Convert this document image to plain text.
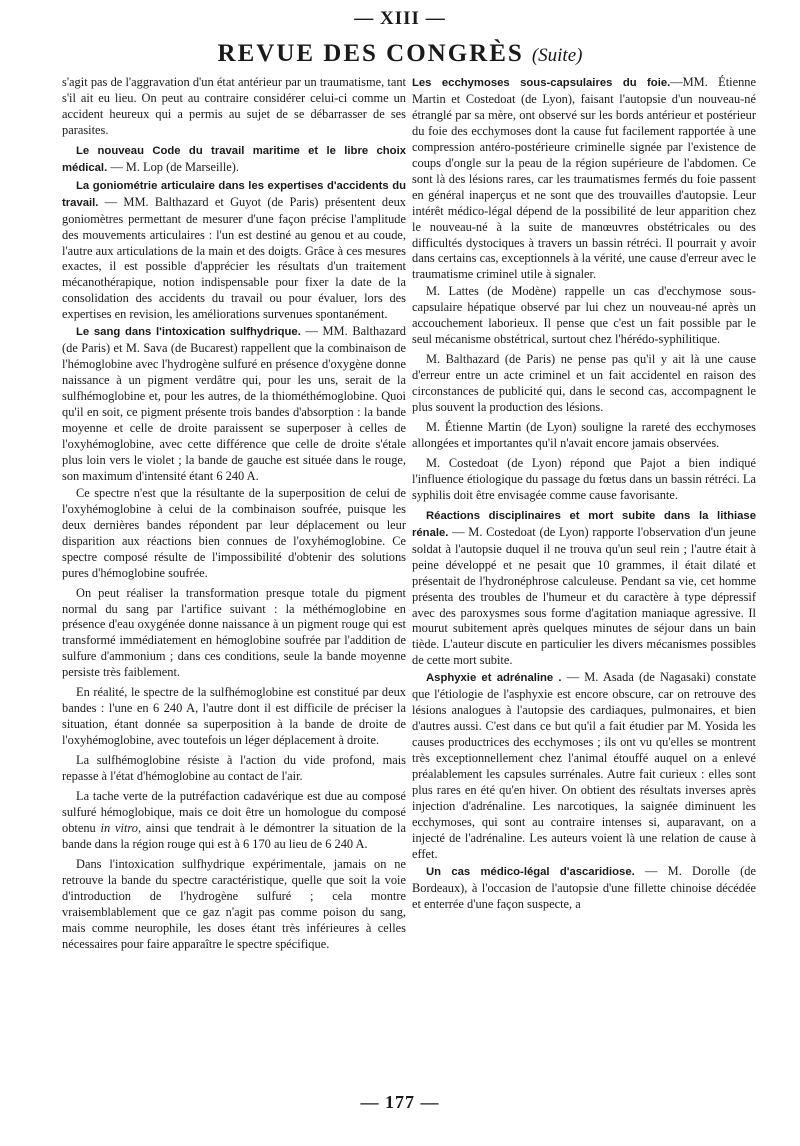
— XIII —
REVUE DES CONGRÈS (Suite)

s'agit pas de l'aggravation d'un état antérieur par un traumatisme, tant s'il ait eu lieu. On peut au contraire considérer celui-ci comme un accident heureux qui a permis au sujet de se débarrasser de ses parasites.

Le nouveau Code du travail maritime et le libre choix médical. — M. Lop (de Marseille).

La goniométrie articulaire dans les expertises d'accidents du travail. — MM. Balthazard et Guyot (de Paris) présentent deux goniomètres permettant de mesurer d'une façon précise l'amplitude des mouvements articulaires : l'un est destiné au genou et au coude, l'autre aux articulations de la main et des doigts. Grâce à ces mesures exactes, il est possible d'apprécier les résultats d'un traitement mécanothérapique, notion indispensable pour fixer la date de la consolidation des accidents du travail ou pour évaluer, lors des expertises en revision, les améliorations survenues spontanément.

Le sang dans l'intoxication sulfhydrique. — MM. Balthazard (de Paris) et M. Sava (de Bucarest) rappellent que la combinaison de l'hémoglobine avec l'hydrogène sulfuré en présence d'oxygène donne naissance à un pigment verdâtre qui, pour les uns, serait de la sulfhémoglobine et, pour les autres, de la thiométhémoglobine. Quoi qu'il en soit, ce pigment présente trois bandes d'absorption : la bande moyenne et celle de droite paraissent se superposer à celles de l'oxyhémoglobine, avec cette différence que celle de droite s'étale plus loin vers le violet ; la bande de gauche est située dans le rouge, son maximum d'intensité étant 6 240 A.

Ce spectre n'est que la résultante de la superposition de celui de l'oxyhémoglobine à celui de la combinaison soufrée, puisque les deux dernières bandes répondent par leur déplacement ou leur disparition aux réactions bien connues de l'oxyhémoglobine. Ce spectre composé résulte de l'impossibilité d'obtenir des solutions pures d'hémoglobine soufrée.

On peut réaliser la transformation presque totale du pigment normal du sang par l'artifice suivant : la méthémoglobine en présence d'eau oxygénée donne naissance à un pigment rouge qui est transformé immédiatement en hémoglobine soufrée par l'addition de sulfure d'ammonium ; dans ces conditions, seule la bande moyenne persiste très faiblement.

En réalité, le spectre de la sulfhémoglobine est constitué par deux bandes : l'une en 6 240 A, l'autre dont il est difficile de préciser la situation, étant donnée sa superposition à la bande de droite de l'oxyhémoglobine, avec toutefois un léger déplacement à droite.

La sulfhémoglobine résiste à l'action du vide profond, mais repasse à l'état d'hémoglobine au contact de l'air.

La tache verte de la putréfaction cadavérique est due au composé sulfuré hémoglobique, mais ce doit être un homologue du composé obtenu in vitro, ainsi que tendrait à le démontrer la situation de la bande dans la région rouge qui est à 6 170 au lieu de 6 240 A.

Dans l'intoxication sulfhydrique expérimentale, jamais on ne retrouve la bande du spectre caractéristique, quelle que soit la voie d'introduction de l'hydrogène sulfuré ; cela montre vraisemblablement que ce gaz n'agit pas comme poison du sang, mais comme neurophile, les doses étant très inférieures à celles nécessaires pour faire apparaître le spectre spécifique.

Les ecchymoses sous-capsulaires du foie.—MM. Étienne Martin et Costedoat (de Lyon), faisant l'autopsie d'un nouveau-né étranglé par sa mère, ont observé sur les bords antérieur et postérieur du foie des ecchymoses dont la cause fut facilement rapportée à une compression antéro-postérieure criminelle signée par l'existence de coups d'ongle sur la peau de la région supérieure de l'abdomen. Ce sont là des lésions rares, car les traumatismes fermés du foie passent en général inaperçus et ne sont que des trouvailles d'autopsie. Leur intérêt médico-légal dépend de la possibilité de leur apparition chez le nouveau-né à la suite de manœuvres obstétricales ou des difficultés dystociques à travers un bassin rétréci. Il pourrait y avoir dans certains cas, exceptionnels à la vérité, une cause d'erreur avec le traumatisme criminel utile à signaler.

M. Lattes (de Modène) rappelle un cas d'ecchymose sous-capsulaire hépatique observé par lui chez un nouveau-né après un accouchement laborieux. Il pense que c'est un fait possible par le seul mécanisme obstétrical, surtout chez l'hérédo-syphilitique.

M. Balthazard (de Paris) ne pense pas qu'il y ait là une cause d'erreur entre un acte criminel et un fait accidentel en raison des circonstances de publicité qui, dans le second cas, accompagnent le plus souvent la production des lésions.

M. Étienne Martin (de Lyon) souligne la rareté des ecchymoses allongées et importantes qu'il n'avait encore jamais observées.

M. Costedoat (de Lyon) répond que Pajot a bien indiqué l'influence étiologique du passage du fœtus dans un bassin rétréci. La syphilis doit être envisagée comme cause favorisante.

Réactions disciplinaires et mort subite dans la lithiase rénale. — M. Costedoat (de Lyon) rapporte l'observation d'un jeune soldat à l'autopsie duquel il ne trouva qu'un seul rein ; l'autre était à peine développé et ne pesait que 10 grammes, il était dilaté et présentait de l'hydronéphrose calculeuse. Pendant sa vie, cet homme présenta des troubles de l'humeur et du caractère à type dépressif avec des paroxysmes sous forme d'agitation maniaque agressive. Il mourut subitement après quelques minutes de séjour dans un bain tiède. L'auteur discute en particulier les divers mécanismes possibles de cette mort subite.

Asphyxie et adrénaline . — M. Asada (de Nagasaki) constate que l'étiologie de l'asphyxie est encore obscure, car on retrouve des lésions analogues à l'autopsie des cardiaques, pulmonaires, et bien d'autres aussi. C'est dans ce but qu'il a fait étudier par M. Yosida les causes productrices des ecchymoses ; ils ont vu qu'elles se montrent très exceptionnellement chez l'animal étouffé auquel on a enlevé préalablement les capsules surrénales. Autre fait curieux : elles sont plus rares en été qu'en hiver. On obtient des résultats inverses après injection d'adrénaline. Les narcotiques, la saignée diminuent les ecchymoses, qui sont au contraire intenses si, auparavant, on a injecté de l'adrénaline. Les auteurs voient là une relation de cause à effet.

Un cas médico-légal d'ascaridiose. — M. Dorolle (de Bordeaux), à l'occasion de l'autopsie d'une fillette chinoise décédée et enterrée d'une façon suspecte, a

— 177 —
